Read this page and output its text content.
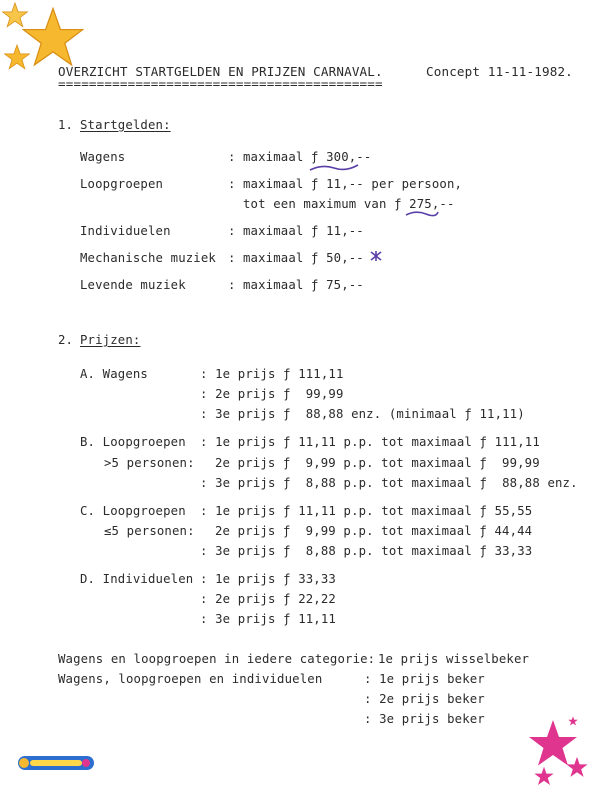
OVERZICHT STARTGELDEN EN PRIJZEN CARNAVAL.
==========================================
Concept 11-11-1982.
1. Startgelden:
Wagens	: maximaal ƒ 300,--
Loopgroepen	: maximaal ƒ 11,-- per persoon,
tot een maximum van ƒ 275,--
Individuelen	: maximaal ƒ 11,--
Mechanische muziek : maximaal ƒ 50,--
Levende muziek	: maximaal ƒ 75,--
2. Prijzen:
A. Wagens	: 1e prijs ƒ 111,11
: 2e prijs ƒ  99,99
: 3e prijs ƒ  88,88 enz. (minimaal ƒ 11,11)
B. Loopgroepen : 1e prijs ƒ 11,11 p.p. tot maximaal ƒ 111,11
>5 personen: 2e prijs ƒ  9,99 p.p. tot maximaal ƒ  99,99
: 3e prijs ƒ  8,88 p.p. tot maximaal ƒ  88,88 enz.
C. Loopgroepen : 1e prijs ƒ 11,11 p.p. tot maximaal ƒ 55,55
≤5 personen: 2e prijs ƒ  9,99 p.p. tot maximaal ƒ 44,44
: 3e prijs ƒ  8,88 p.p. tot maximaal ƒ 33,33
D. Individuelen : 1e prijs ƒ 33,33
: 2e prijs ƒ 22,22
: 3e prijs ƒ 11,11
Wagens en loopgroepen in iedere categorie: 1e prijs wisselbeker
Wagens, loopgroepen en individuelen	: 1e prijs beker
: 2e prijs beker
: 3e prijs beker
